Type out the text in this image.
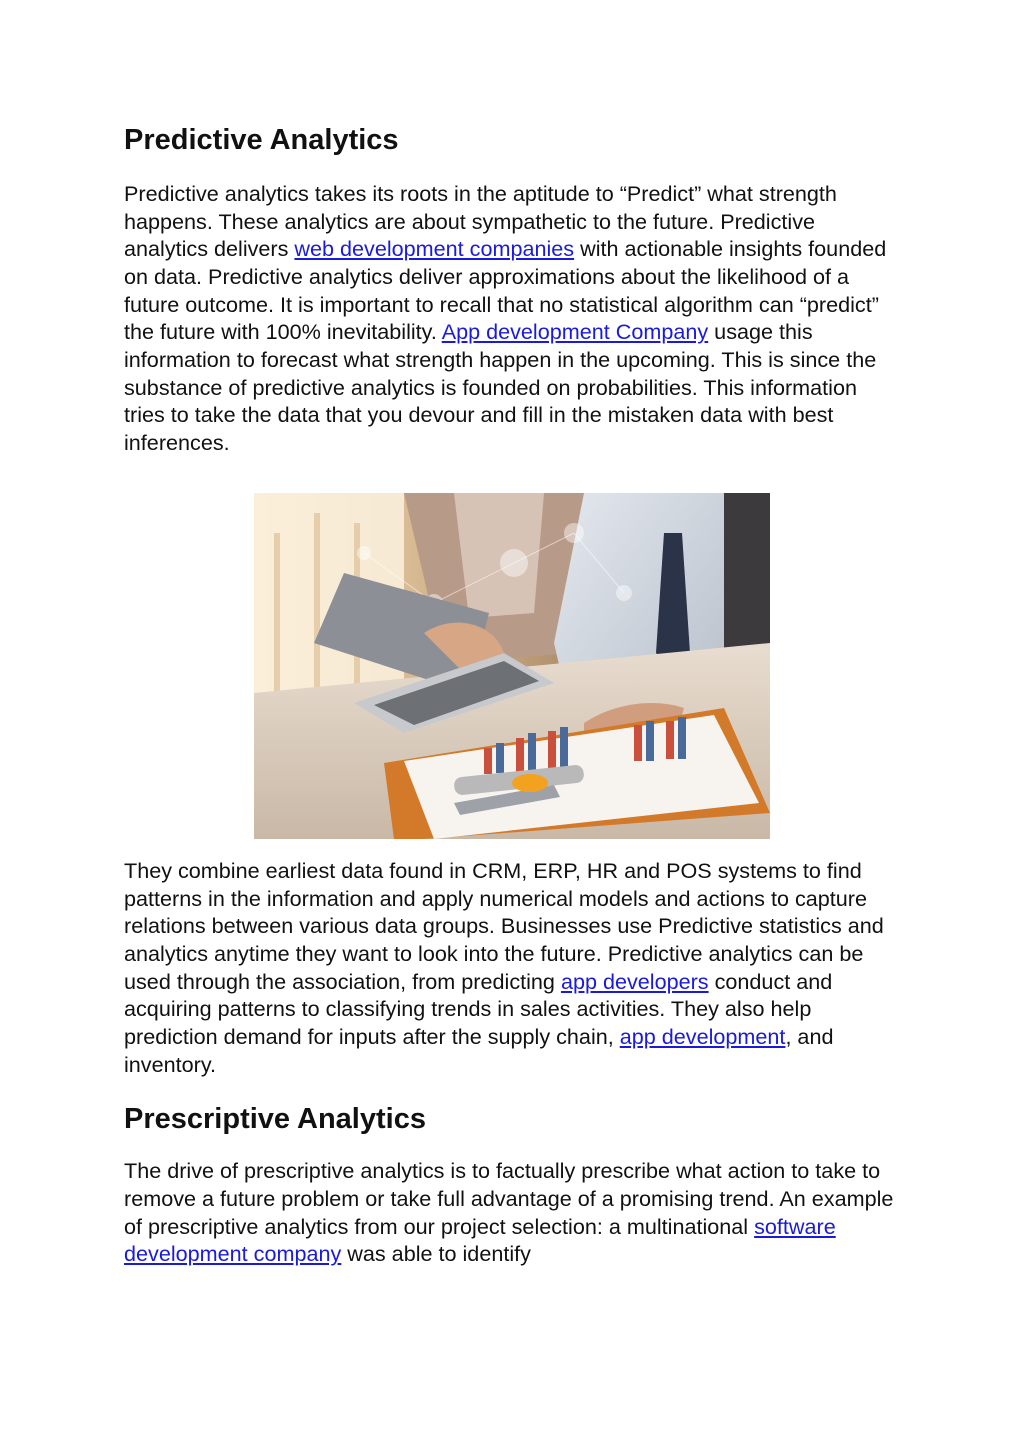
Predictive Analytics

Predictive analytics takes its roots in the aptitude to “Predict” what strength happens. These analytics are about sympathetic to the future. Predictive analytics delivers web development companies with actionable insights founded on data. Predictive analytics deliver approximations about the likelihood of a future outcome. It is important to recall that no statistical algorithm can “predict” the future with 100% inevitability. App development Company usage this information to forecast what strength happen in the upcoming. This is since the substance of predictive analytics is founded on probabilities. This information tries to take the data that you devour and fill in the mistaken data with best inferences.

They combine earliest data found in CRM, ERP, HR and POS systems to find patterns in the information and apply numerical models and actions to capture relations between various data groups. Businesses use Predictive statistics and analytics anytime they want to look into the future. Predictive analytics can be used through the association, from predicting app developers conduct and acquiring patterns to classifying trends in sales activities. They also help prediction demand for inputs after the supply chain, app development, and inventory.

Prescriptive Analytics

The drive of prescriptive analytics is to factually prescribe what action to take to remove a future problem or take full advantage of a promising trend. An example of prescriptive analytics from our project selection: a multinational software development company was able to identify
